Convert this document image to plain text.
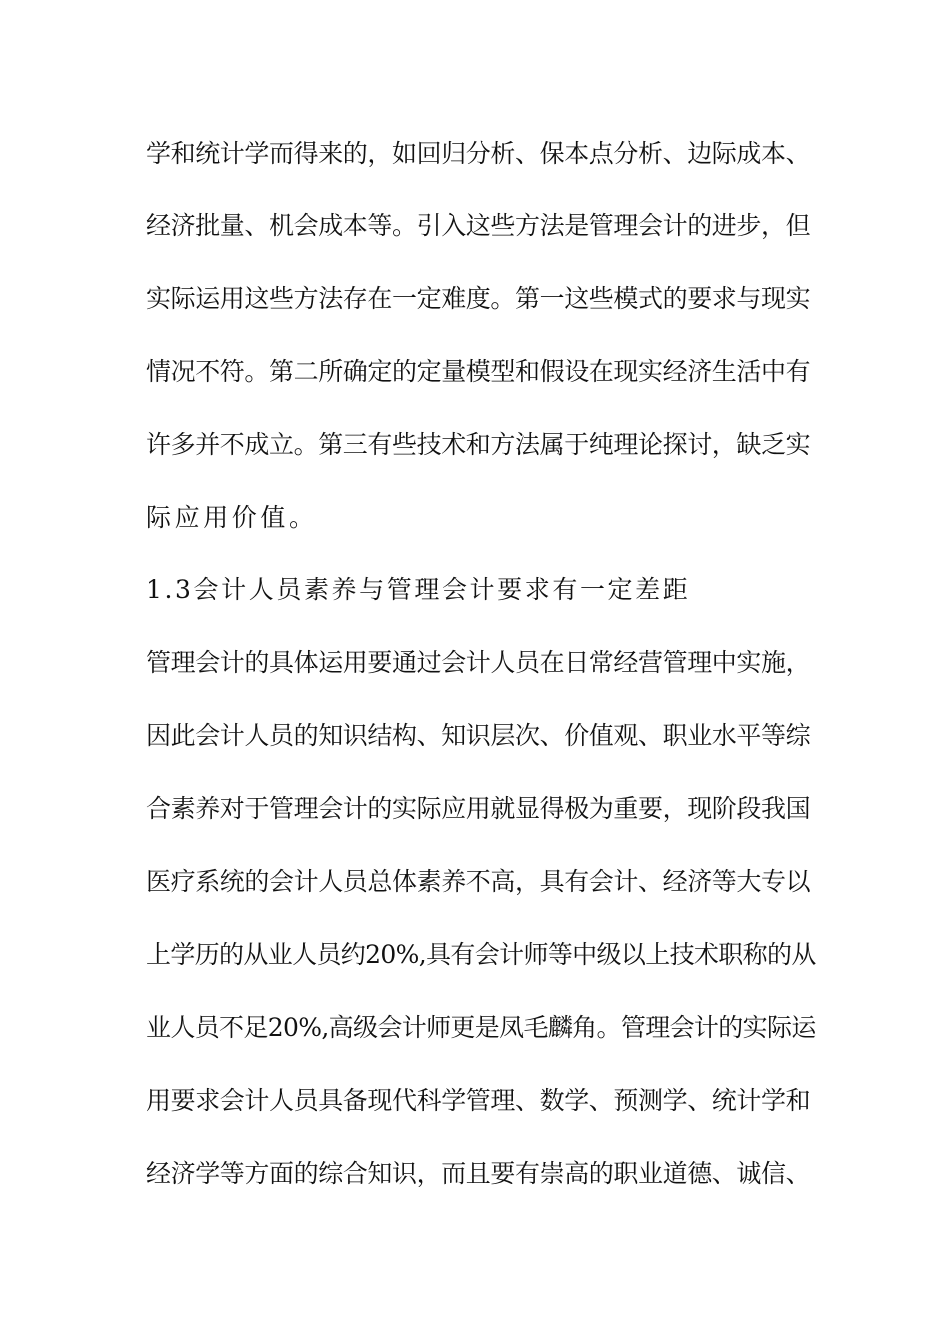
学和统计学而得来的，如回归分析、保本点分析、边际成本、
经济批量、机会成本等。引入这些方法是管理会计的进步，但
实际运用这些方法存在一定难度。第一这些模式的要求与现实
情况不符。第二所确定的定量模型和假设在现实经济生活中有
许多并不成立。第三有些技术和方法属于纯理论探讨，缺乏实
际应用价值。
1.3会计人员素养与管理会计要求有一定差距
管理会计的具体运用要通过会计人员在日常经营管理中实施，
因此会计人员的知识结构、知识层次、价值观、职业水平等综
合素养对于管理会计的实际应用就显得极为重要，现阶段我国
医疗系统的会计人员总体素养不高，具有会计、经济等大专以
上学历的从业人员约20%,具有会计师等中级以上技术职称的从
业人员不足20%,高级会计师更是凤毛麟角。管理会计的实际运
用要求会计人员具备现代科学管理、数学、预测学、统计学和
经济学等方面的综合知识，而且要有崇高的职业道德、诚信、
